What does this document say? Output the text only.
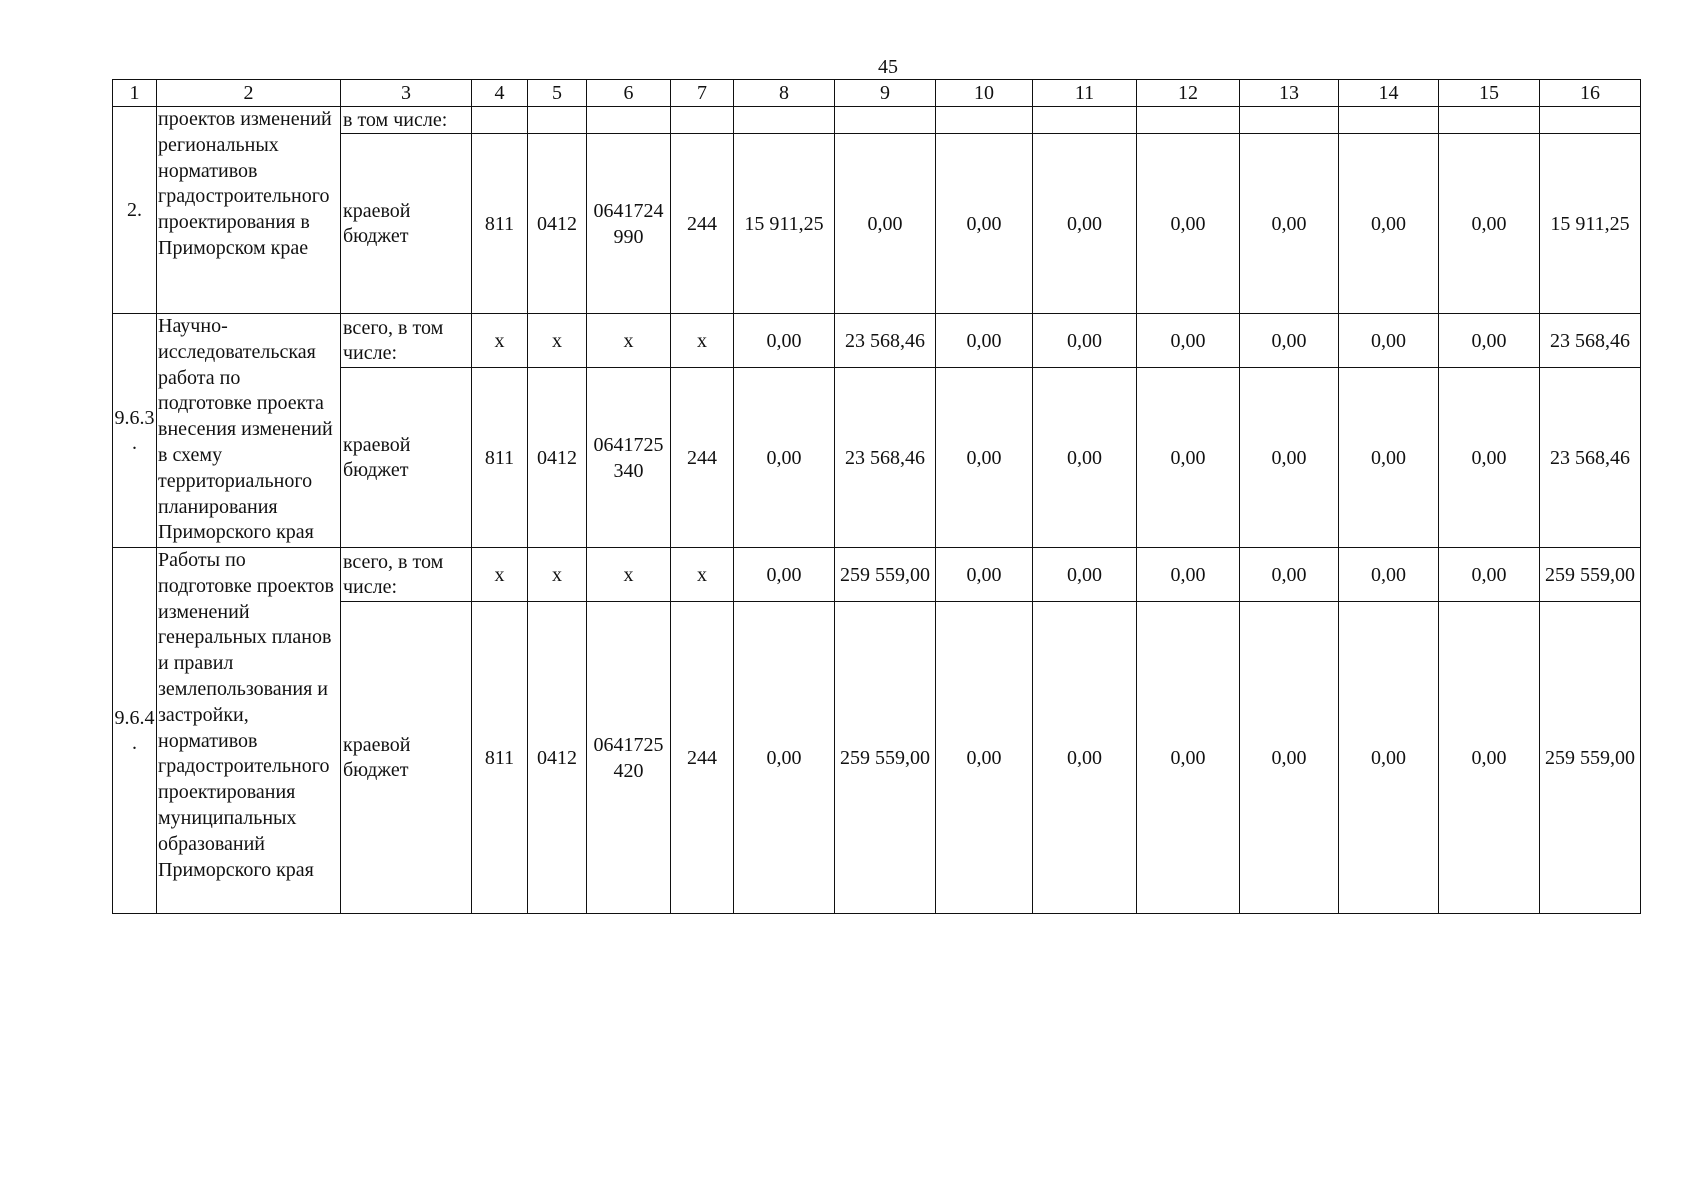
45
1	2	3	4	5	6	7	8	9	10	11	12	13	14	15	16
2.	проектов изменений региональных нормативов градостроительного проектирования в Приморском крае	в том числе:													
		краевой бюджет	811	0412	0641724990	244	15 911,25	0,00	0,00	0,00	0,00	0,00	0,00	0,00	15 911,25
9.6.3.	Научно-исследовательская работа по подготовке проекта внесения изменений в схему территориального планирования Приморского края	всего, в том числе:	x	x	x	x	0,00	23 568,46	0,00	0,00	0,00	0,00	0,00	0,00	23 568,46
		краевой бюджет	811	0412	0641725340	244	0,00	23 568,46	0,00	0,00	0,00	0,00	0,00	0,00	23 568,46
9.6.4.	Работы по подготовке проектов изменений генеральных планов и правил землепользования и застройки, нормативов градостроительного проектирования муниципальных образований Приморского края	всего, в том числе:	x	x	x	x	0,00	259 559,00	0,00	0,00	0,00	0,00	0,00	0,00	259 559,00
		краевой бюджет	811	0412	0641725420	244	0,00	259 559,00	0,00	0,00	0,00	0,00	0,00	0,00	259 559,00
